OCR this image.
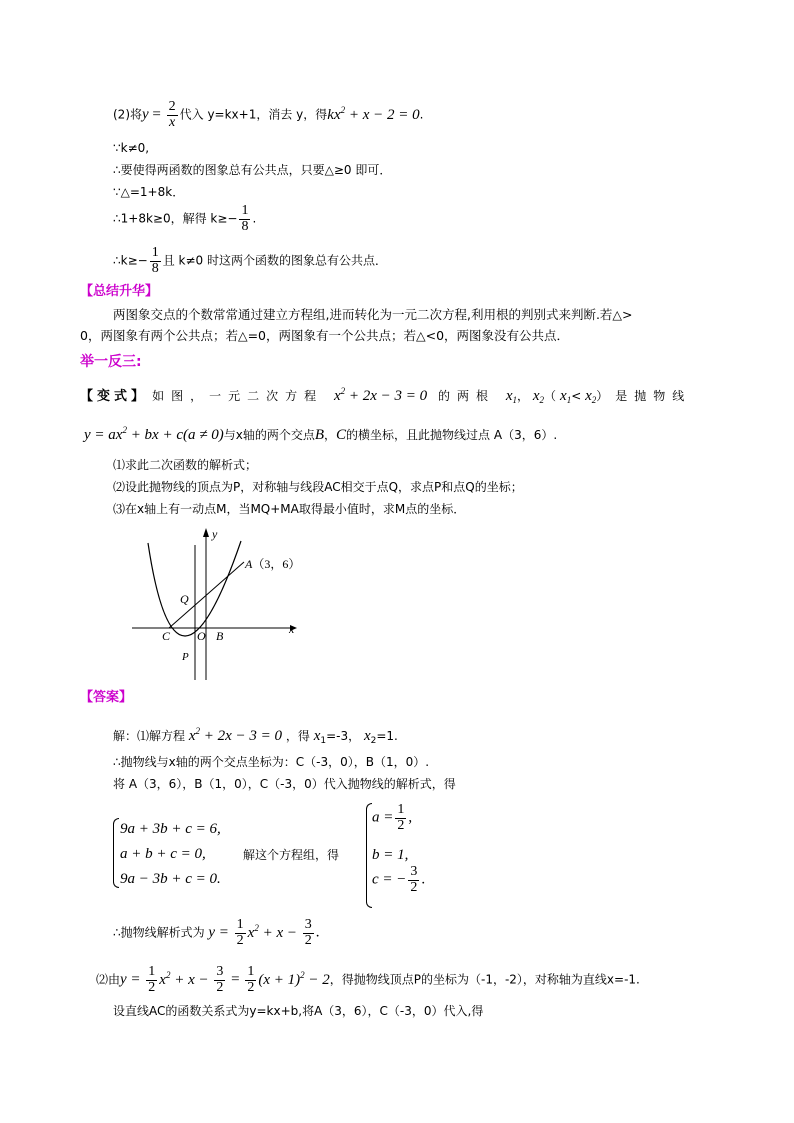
(2)将$y = \frac{2}{x}$ 代入 y=kx+1，消去 y，得$kx^2 + x - 2 = 0$.
∵k≠0,
∴要使得两函数的图象总有公共点，只要△≥0 即可．
∵△=1+8k．
∴1+8k≥0，解得 $k\ge- \frac{1}{8}$ .
∴k≥− $\frac{1}{8}$ 且 k≠0 时这两个函数的图象总有公共点．
【总结升华】
两图象交点的个数常常通过建立方程组,进而转化为一元二次方程,利用根的判别式来判断.若△>
0，两图象有两个公共点；若△=0，两图象有一个公共点；若△<0，两图象没有公共点．
举一反三:
【变式】 如图，一元二次方程 $x^2 + 2x - 3 = 0$ 的两根 $x_1$， $x_2(x_1< x_2)$是抛物线
$y = ax^2$ + bx + c(a ≠ 0)与x轴的两个交点B，C的横坐标，且此抛物线过点 A（3，6）.
⑴求此二次函数的解析式；
⑵设此抛物线的顶点为P，对称轴与线段AC相交于点Q，求点P和点Q的坐标；
⑶在x轴上有一动点M，当MQ+MA取得最小值时，求M点的坐标．
y
x
A（3，6）
Q
C O B
P
【答案】
解：⑴解方程 $x^2 + 2x - 3 = 0$ ，得 $x_1=-3$， $x_2=1$.
∴抛物线与x轴的两个交点坐标为：C（-3，0），B（1，0）.
将 A（3，6），B（1，0），C（-3，0）代入抛物线的解析式，得
9a + 3b + c = 6,
a + b + c = 0,
9a − 3b + c = 0.
解这个方程组，得
$a = \frac{1}{2}$ ,
b = 1,
c = − $\frac{3}{2}$ .
∴抛物线解析式为 $y = \frac{1}{2} x^2 + x - \frac{3}{2}$ .
⑵由$y = \frac{1}{2} x^2 + x - \frac{3}{2} = \frac{1}{2} (x + 1)^2 - 2$，得抛物线顶点P的坐标为（-1，-2），对称轴为直线x=-1.
设直线AC的函数关系式为y=kx+b,将A（3，6），C（-3，0）代入,得
